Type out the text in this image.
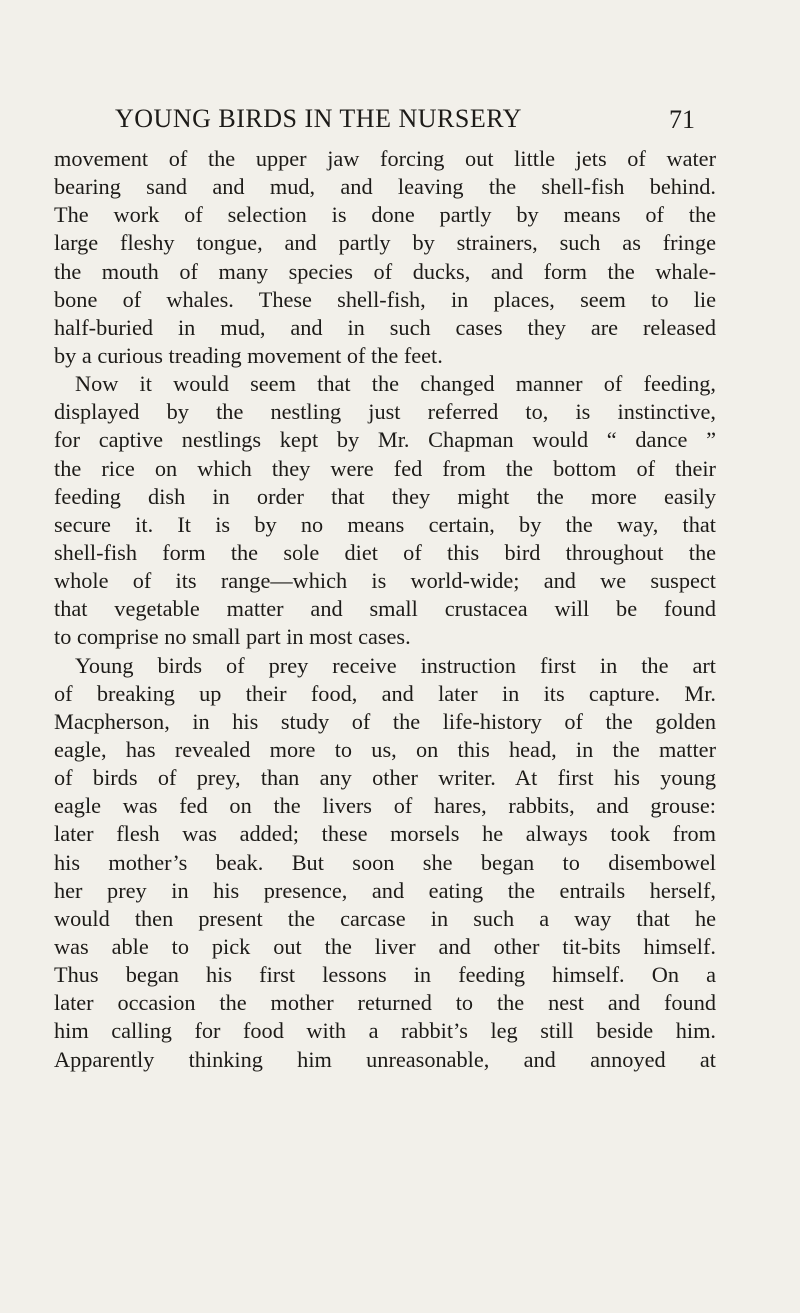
YOUNG BIRDS IN THE NURSERY	71
movement of the upper jaw forcing out little jets of water
bearing sand and mud, and leaving the shell-fish behind.
The work of selection is done partly by means of the
large fleshy tongue, and partly by strainers, such as fringe
the mouth of many species of ducks, and form the whale-
bone of whales. These shell-fish, in places, seem to lie
half-buried in mud, and in such cases they are released
by a curious treading movement of the feet.
Now it would seem that the changed manner of feeding,
displayed by the nestling just referred to, is instinctive,
for captive nestlings kept by Mr. Chapman would “ dance ”
the rice on which they were fed from the bottom of their
feeding dish in order that they might the more easily
secure it. It is by no means certain, by the way, that
shell-fish form the sole diet of this bird throughout the
whole of its range—which is world-wide; and we suspect
that vegetable matter and small crustacea will be found
to comprise no small part in most cases.
Young birds of prey receive instruction first in the art
of breaking up their food, and later in its capture. Mr.
Macpherson, in his study of the life-history of the golden
eagle, has revealed more to us, on this head, in the matter
of birds of prey, than any other writer. At first his young
eagle was fed on the livers of hares, rabbits, and grouse:
later flesh was added; these morsels he always took from
his mother’s beak. But soon she began to disembowel
her prey in his presence, and eating the entrails herself,
would then present the carcase in such a way that he
was able to pick out the liver and other tit-bits himself.
Thus began his first lessons in feeding himself. On a
later occasion the mother returned to the nest and found
him calling for food with a rabbit’s leg still beside him.
Apparently thinking him unreasonable, and annoyed at
